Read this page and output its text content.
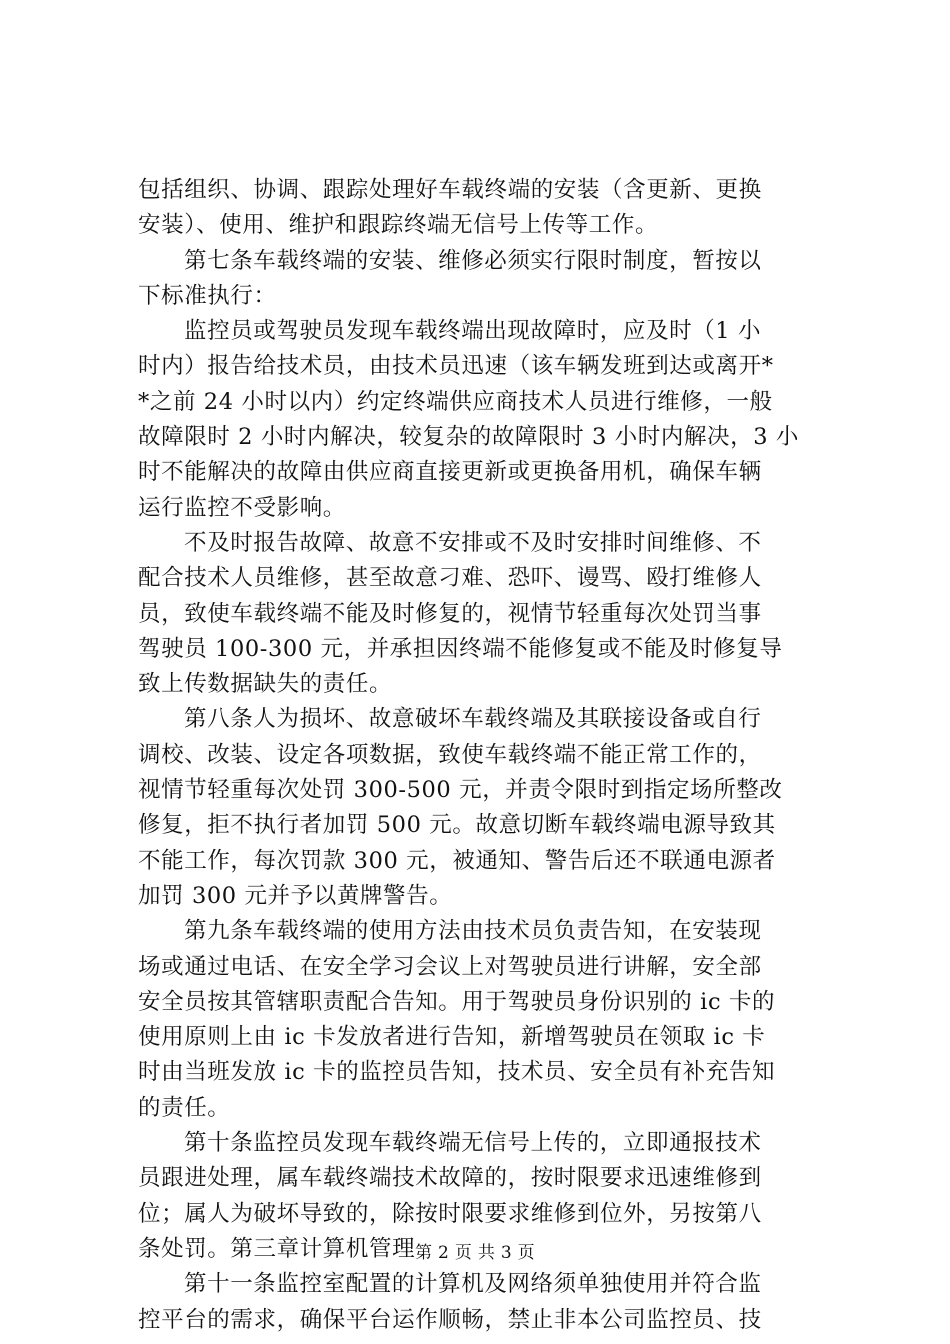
包括组织、协调、跟踪处理好车载终端的安装（含更新、更换
安装）、使用、维护和跟踪终端无信号上传等工作。
第七条车载终端的安装、维修必须实行限时制度，暂按以
下标准执行：
监控员或驾驶员发现车载终端出现故障时，应及时（1 小
时内）报告给技术员，由技术员迅速（该车辆发班到达或离开*
*之前 24 小时以内）约定终端供应商技术人员进行维修，一般
故障限时 2 小时内解决，较复杂的故障限时 3 小时内解决，3 小
时不能解决的故障由供应商直接更新或更换备用机，确保车辆
运行监控不受影响。
不及时报告故障、故意不安排或不及时安排时间维修、不
配合技术人员维修，甚至故意刁难、恐吓、谩骂、殴打维修人
员，致使车载终端不能及时修复的，视情节轻重每次处罚当事
驾驶员 100-300 元，并承担因终端不能修复或不能及时修复导
致上传数据缺失的责任。
第八条人为损坏、故意破坏车载终端及其联接设备或自行
调校、改装、设定各项数据，致使车载终端不能正常工作的，
视情节轻重每次处罚 300-500 元，并责令限时到指定场所整改
修复，拒不执行者加罚 500 元。故意切断车载终端电源导致其
不能工作，每次罚款 300 元，被通知、警告后还不联通电源者
加罚 300 元并予以黄牌警告。
第九条车载终端的使用方法由技术员负责告知，在安装现
场或通过电话、在安全学习会议上对驾驶员进行讲解，安全部
安全员按其管辖职责配合告知。用于驾驶员身份识别的 ic 卡的
使用原则上由 ic 卡发放者进行告知，新增驾驶员在领取 ic 卡
时由当班发放 ic 卡的监控员告知，技术员、安全员有补充告知
的责任。
第十条监控员发现车载终端无信号上传的，立即通报技术
员跟进处理，属车载终端技术故障的，按时限要求迅速维修到
位；属人为破坏导致的，除按时限要求维修到位外，另按第八
条处罚。第三章计算机管理
第十一条监控室配置的计算机及网络须单独使用并符合监
控平台的需求，确保平台运作顺畅，禁止非本公司监控员、技
第 2 页 共 3 页
